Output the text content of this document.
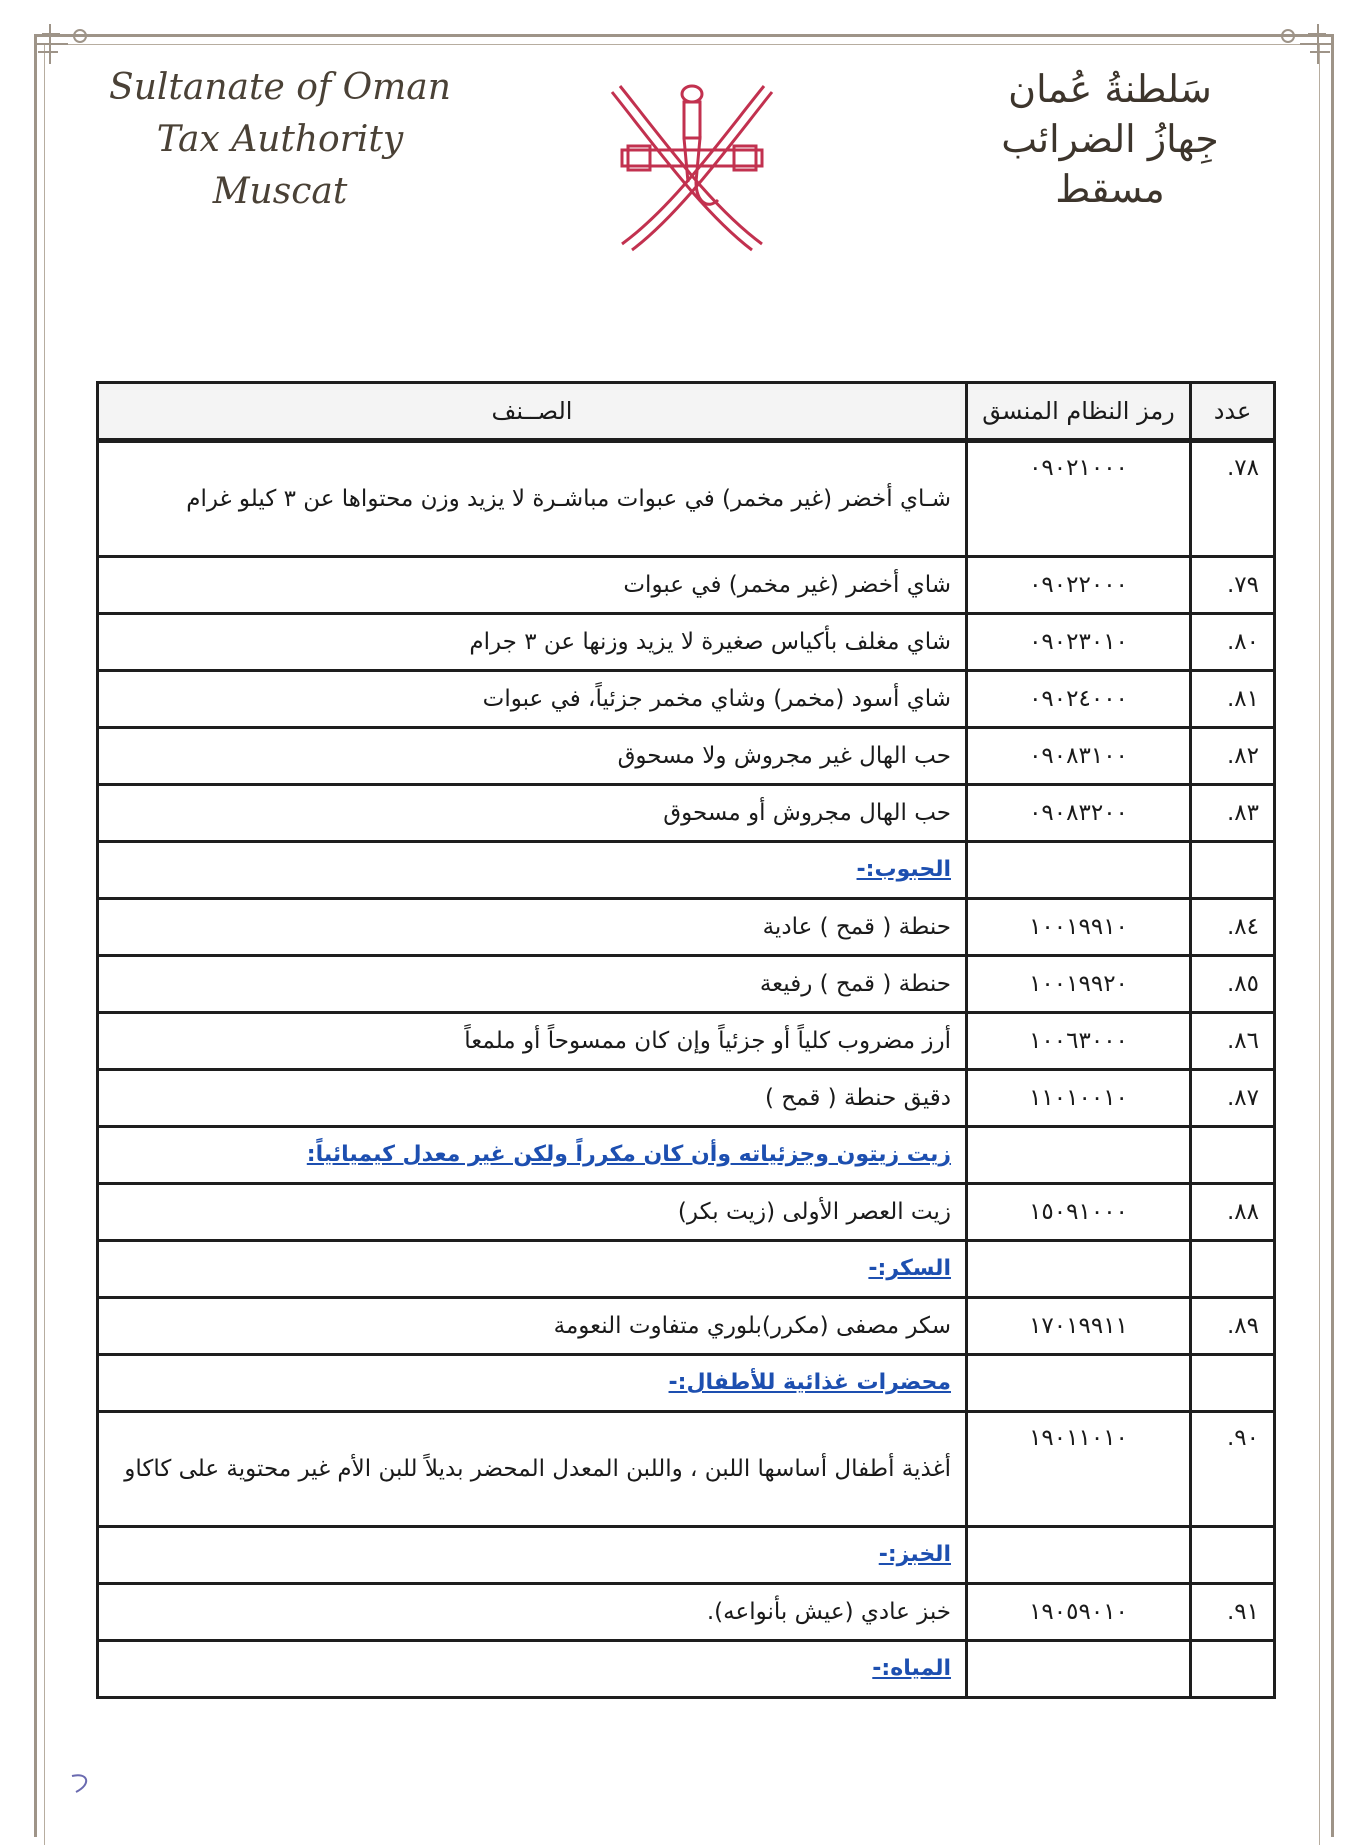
Sultanate of Oman
Tax Authority
Muscat
سَلطنةُ عُمان
جِهازُ الضرائب
مسقط
عدد	رمز النظام المنسق	الصــنف
٧٨.	٠٩٠٢١٠٠٠	شـاي أخضر (غير مخمر) في عبوات مباشـرة لا يزيد وزن محتواها عن ٣ كيلو غرام
٧٩.	٠٩٠٢٢٠٠٠	شاي أخضر (غير مخمر) في عبوات
٨٠.	٠٩٠٢٣٠١٠	شاي مغلف بأكياس صغيرة لا يزيد وزنها عن ٣ جرام
٨١.	٠٩٠٢٤٠٠٠	شاي أسود (مخمر) وشاي مخمر جزئياً، في عبوات
٨٢.	٠٩٠٨٣١٠٠	حب الهال غير مجروش ولا مسحوق
٨٣.	٠٩٠٨٣٢٠٠	حب الهال مجروش أو مسحوق
		الحبوب:-
٨٤.	١٠٠١٩٩١٠	حنطة ( قمح ) عادية
٨٥.	١٠٠١٩٩٢٠	حنطة ( قمح ) رفيعة
٨٦.	١٠٠٦٣٠٠٠	أرز مضروب كلياً أو جزئياً وإن كان ممسوحاً أو ملمعاً
٨٧.	١١٠١٠٠١٠	دقيق حنطة ( قمح )
		زيت زيتون وجزئياته وأن كان مكرراً ولكن غير معدل كيميائياً:
٨٨.	١٥٠٩١٠٠٠	زيت العصر الأولى (زيت بكر)
		السكر:-
٨٩.	١٧٠١٩٩١١	سكر مصفى (مكرر)بلوري متفاوت النعومة
		محضرات غذائية للأطفال:-
٩٠.	١٩٠١١٠١٠	أغذية أطفال أساسها اللبن ، واللبن المعدل المحضر بديلاً للبن الأم غير محتوية على كاكاو
		الخبز:-
٩١.	١٩٠٥٩٠١٠	خبز عادي (عيش بأنواعه).
		المياه:-
